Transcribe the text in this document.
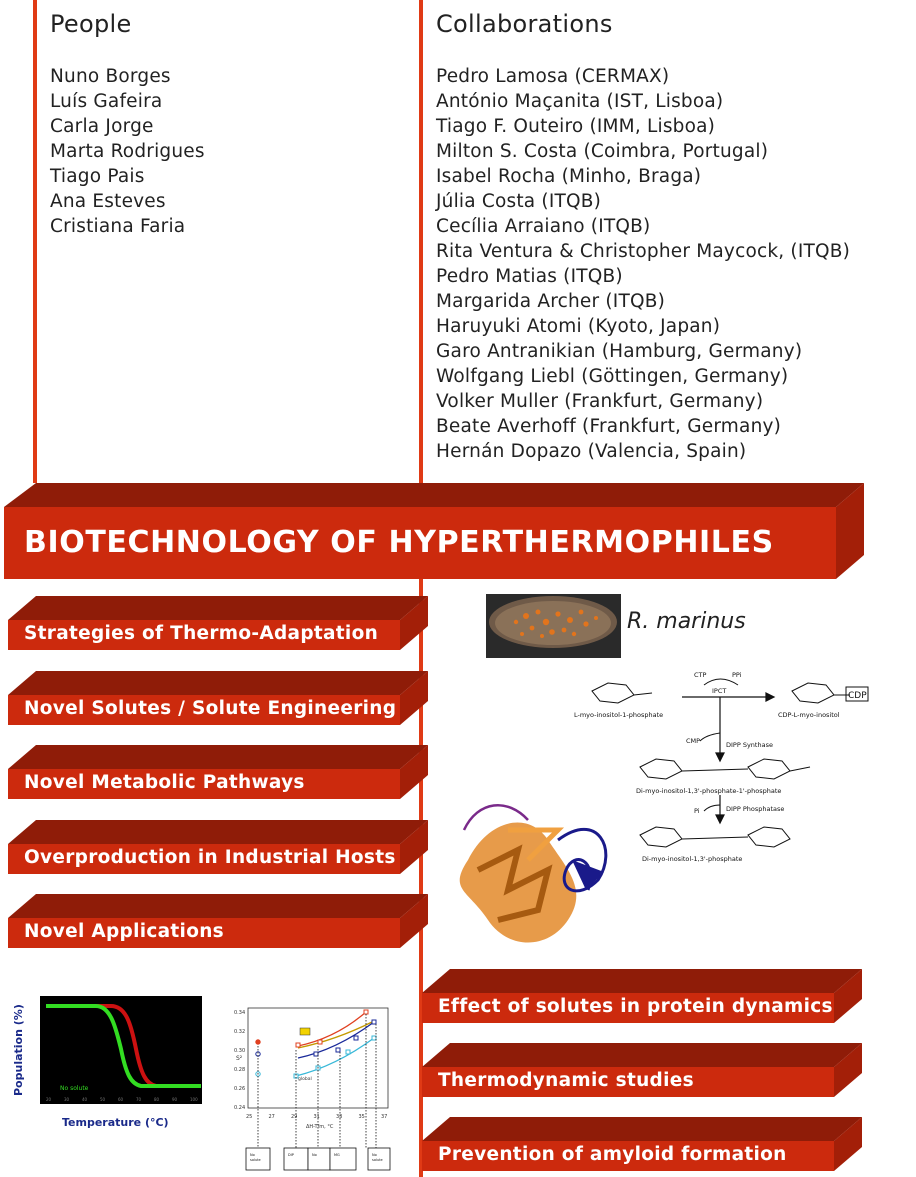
People
Nuno Borges
Luís Gafeira
Carla Jorge
Marta Rodrigues
Tiago Pais
Ana Esteves
Cristiana Faria
Collaborations
Pedro Lamosa (CERMAX)
António Maçanita (IST, Lisboa)
Tiago F. Outeiro (IMM, Lisboa)
Milton S. Costa (Coimbra, Portugal)
Isabel Rocha (Minho, Braga)
Júlia Costa (ITQB)
Cecília Arraiano (ITQB)
Rita Ventura & Christopher Maycock, (ITQB)
Pedro Matias (ITQB)
Margarida Archer (ITQB)
Haruyuki Atomi (Kyoto, Japan)
Garo Antranikian (Hamburg, Germany)
Wolfgang Liebl (Göttingen, Germany)
Volker Muller (Frankfurt, Germany)
Beate Averhoff (Frankfurt, Germany)
Hernán Dopazo (Valencia, Spain)
BIOTECHNOLOGY OF HYPERTHERMOPHILES
Strategies of Thermo-Adaptation
Novel Solutes / Solute Engineering
Novel Metabolic Pathways
Overproduction in Industrial Hosts
Novel Applications
Effect of solutes in protein dynamics
Thermodynamic studies
Prevention of amyloid formation
R. marinus
CDP
L-myo-inositol-1-phosphate	CDP-L-myo-inositol
Di-myo-inositol-1,3'-phosphate-1'-phosphate
Di-myo-inositol-1,3'-phosphate
IPCT
DIPP Synthase
DIPP Phosphatase
CTP	PPi
CMP
Pi
20	30	40	50	60	70	80	90	100
No solute
Temperature (°C)
Population (%)	0.34
0.32
0.30
0.28
0.26
0.24
25	27	29	31	33	35	37
S²
ΔH-T/m, °C
global
No
solute
DIP	No	MG	No
solute
